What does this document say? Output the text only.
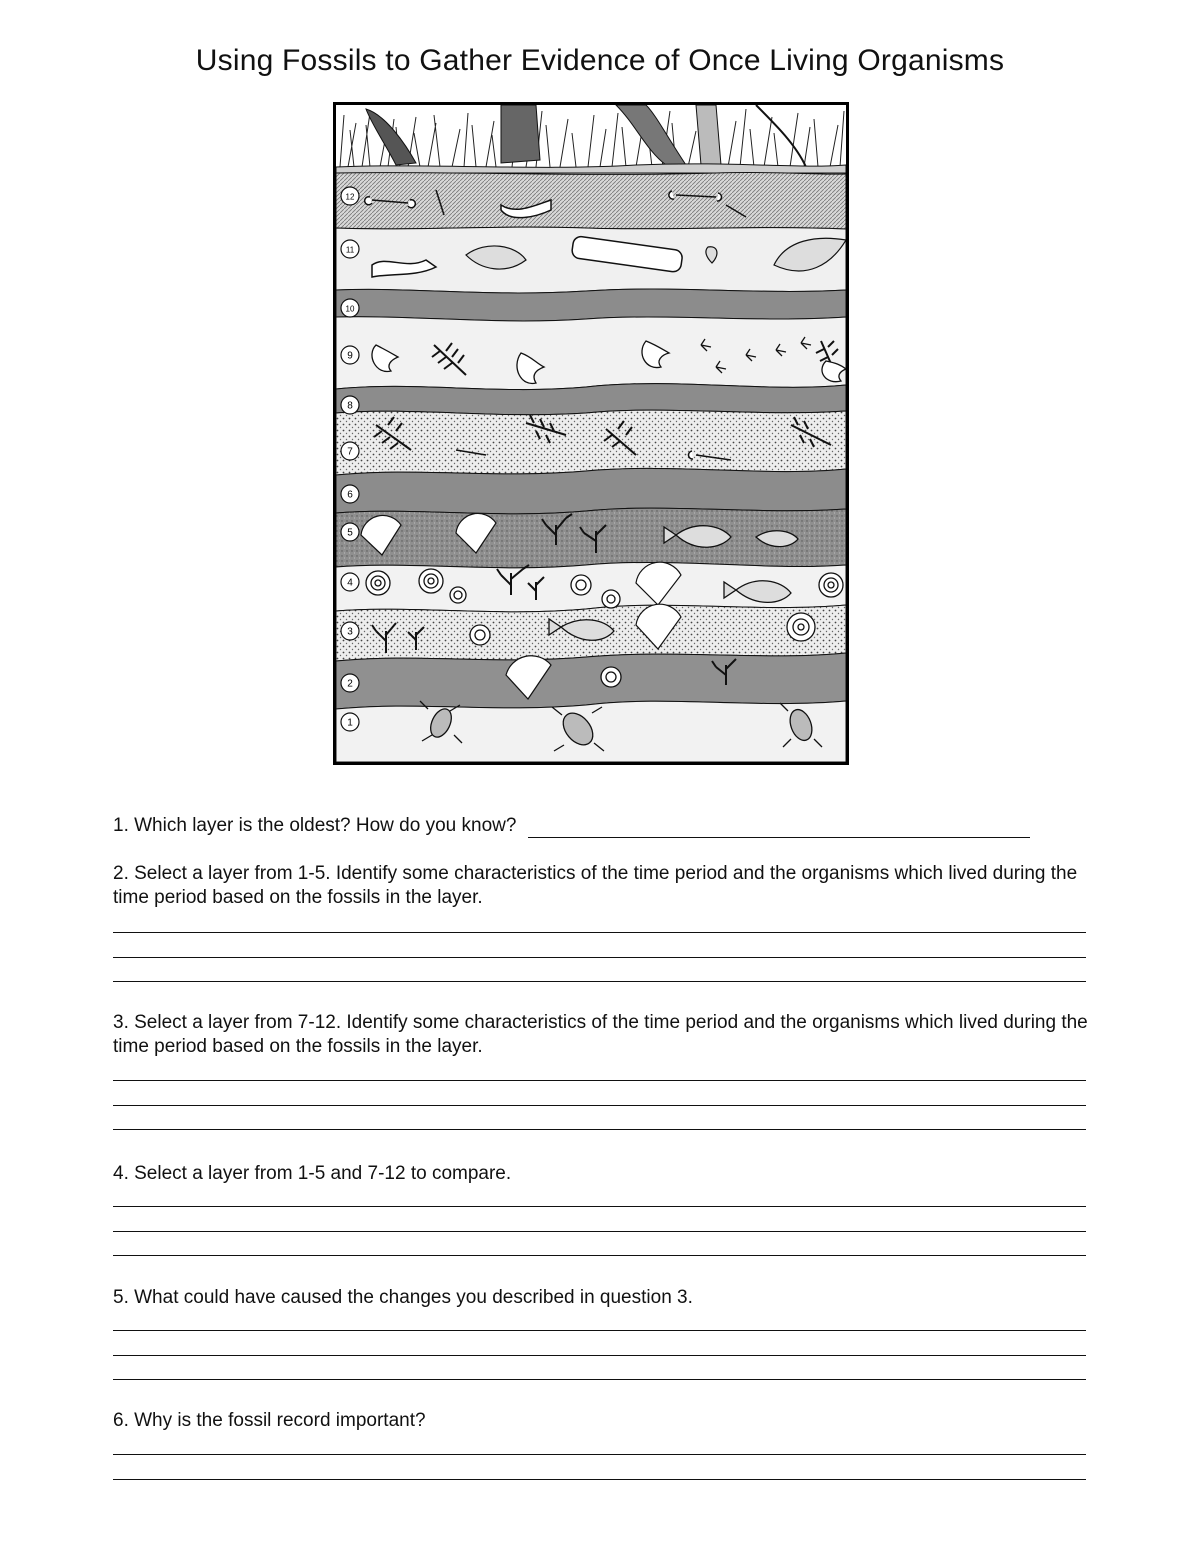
Using Fossils to Gather Evidence of Once Living Organisms
12
11
10
9
8
7
6
5
4
3
2
1
1. Which layer is the oldest? How do you know?
2. Select a layer from 1-5. Identify some characteristics of the time period and the organisms which lived during the time period based on the fossils in the layer.
3. Select a layer from 7-12. Identify some characteristics of the time period and the organisms which lived during the time period based on the fossils in the layer.
4. Select a layer from 1-5 and 7-12 to compare.
5. What could have caused the changes you described in question 3.
6. Why is the fossil record important?
